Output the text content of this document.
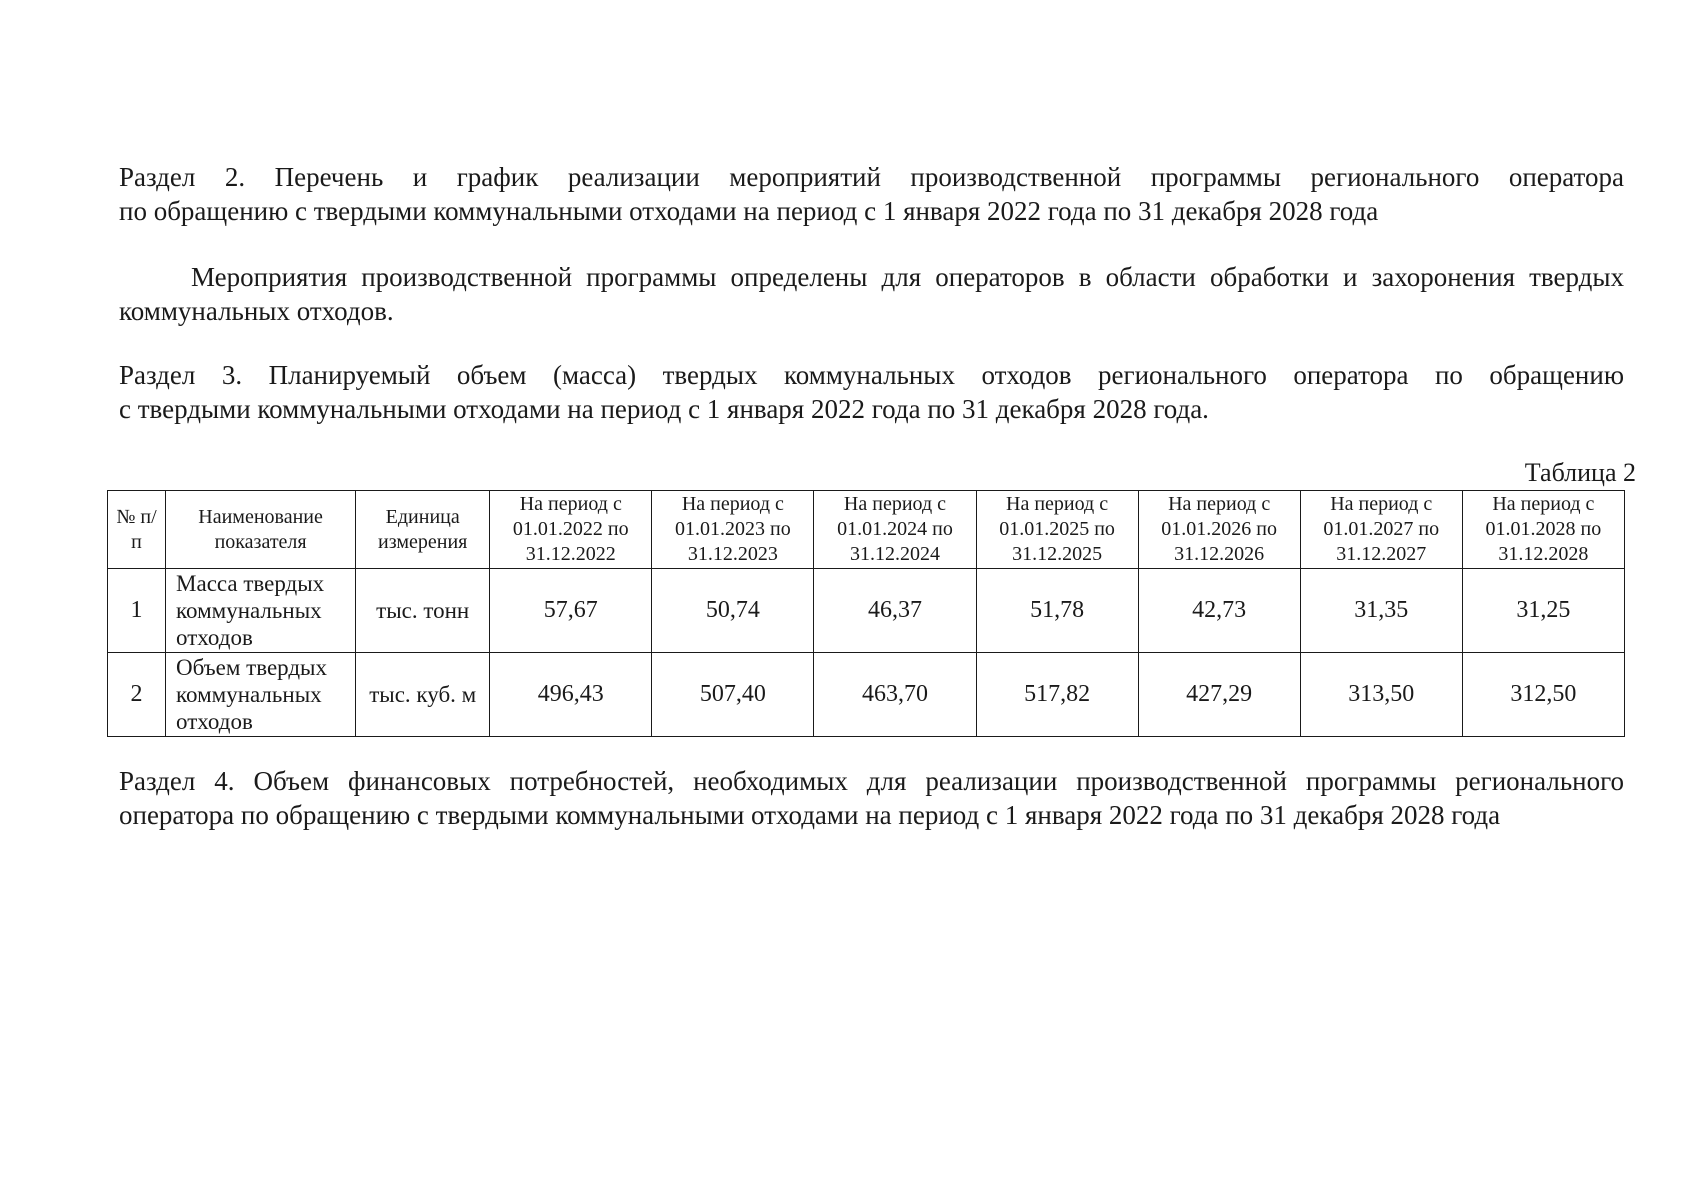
Раздел 2. Перечень и график реализации мероприятий производственной программы регионального оператора
по обращению с твердыми коммунальными отходами на период с 1 января 2022 года по 31 декабря 2028 года

Мероприятия производственной программы определены для операторов в области обработки и захоронения твердых
коммунальных отходов.

Раздел 3. Планируемый объем (масса) твердых коммунальных отходов регионального оператора по обращению
с твердыми коммунальными отходами на период с 1 января 2022 года по 31 декабря 2028 года.

Таблица 2
№ п/п	Наименование показателя	Единица измерения	На период с 01.01.2022 по 31.12.2022	На период с 01.01.2023 по 31.12.2023	На период с 01.01.2024 по 31.12.2024	На период с 01.01.2025 по 31.12.2025	На период с 01.01.2026 по 31.12.2026	На период с 01.01.2027 по 31.12.2027	На период с 01.01.2028 по 31.12.2028
1	Масса твердых коммунальных отходов	тыс. тонн	57,67	50,74	46,37	51,78	42,73	31,35	31,25
2	Объем твердых коммунальных отходов	тыс. куб. м	496,43	507,40	463,70	517,82	427,29	313,50	312,50

Раздел 4. Объем финансовых потребностей, необходимых для реализации производственной программы регионального
оператора по обращению с твердыми коммунальными отходами на период с 1 января 2022 года по 31 декабря 2028 года
